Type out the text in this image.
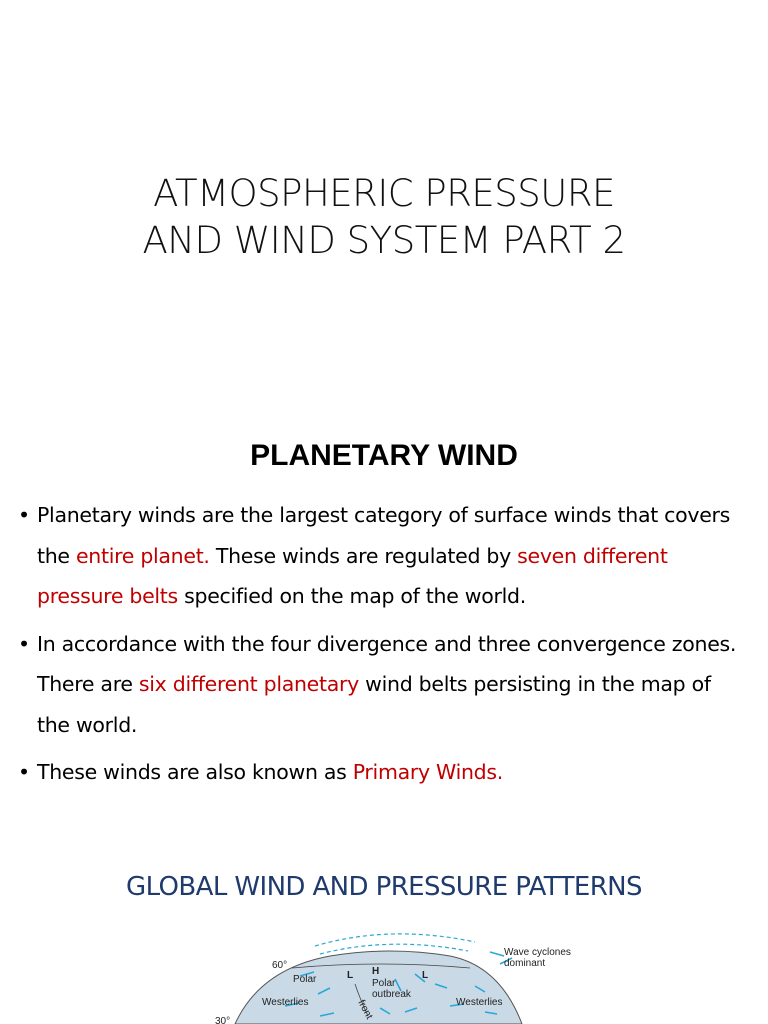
ATMOSPHERIC PRESSURE
AND WIND SYSTEM PART 2
PLANETARY WIND
• Planetary winds are the largest category of surface winds that covers the entire planet. These winds are regulated by seven different pressure belts specified on the map of the world.
• In accordance with the four divergence and three convergence zones. There are six different planetary wind belts persisting in the map of the world.
• These winds are also known as Primary Winds.
GLOBAL WIND AND PRESSURE PATTERNS
60°
30°
Polar
Westerlies	Westerlies
L H	L
Polar
outbreak
front
Wave cyclones
dominant
